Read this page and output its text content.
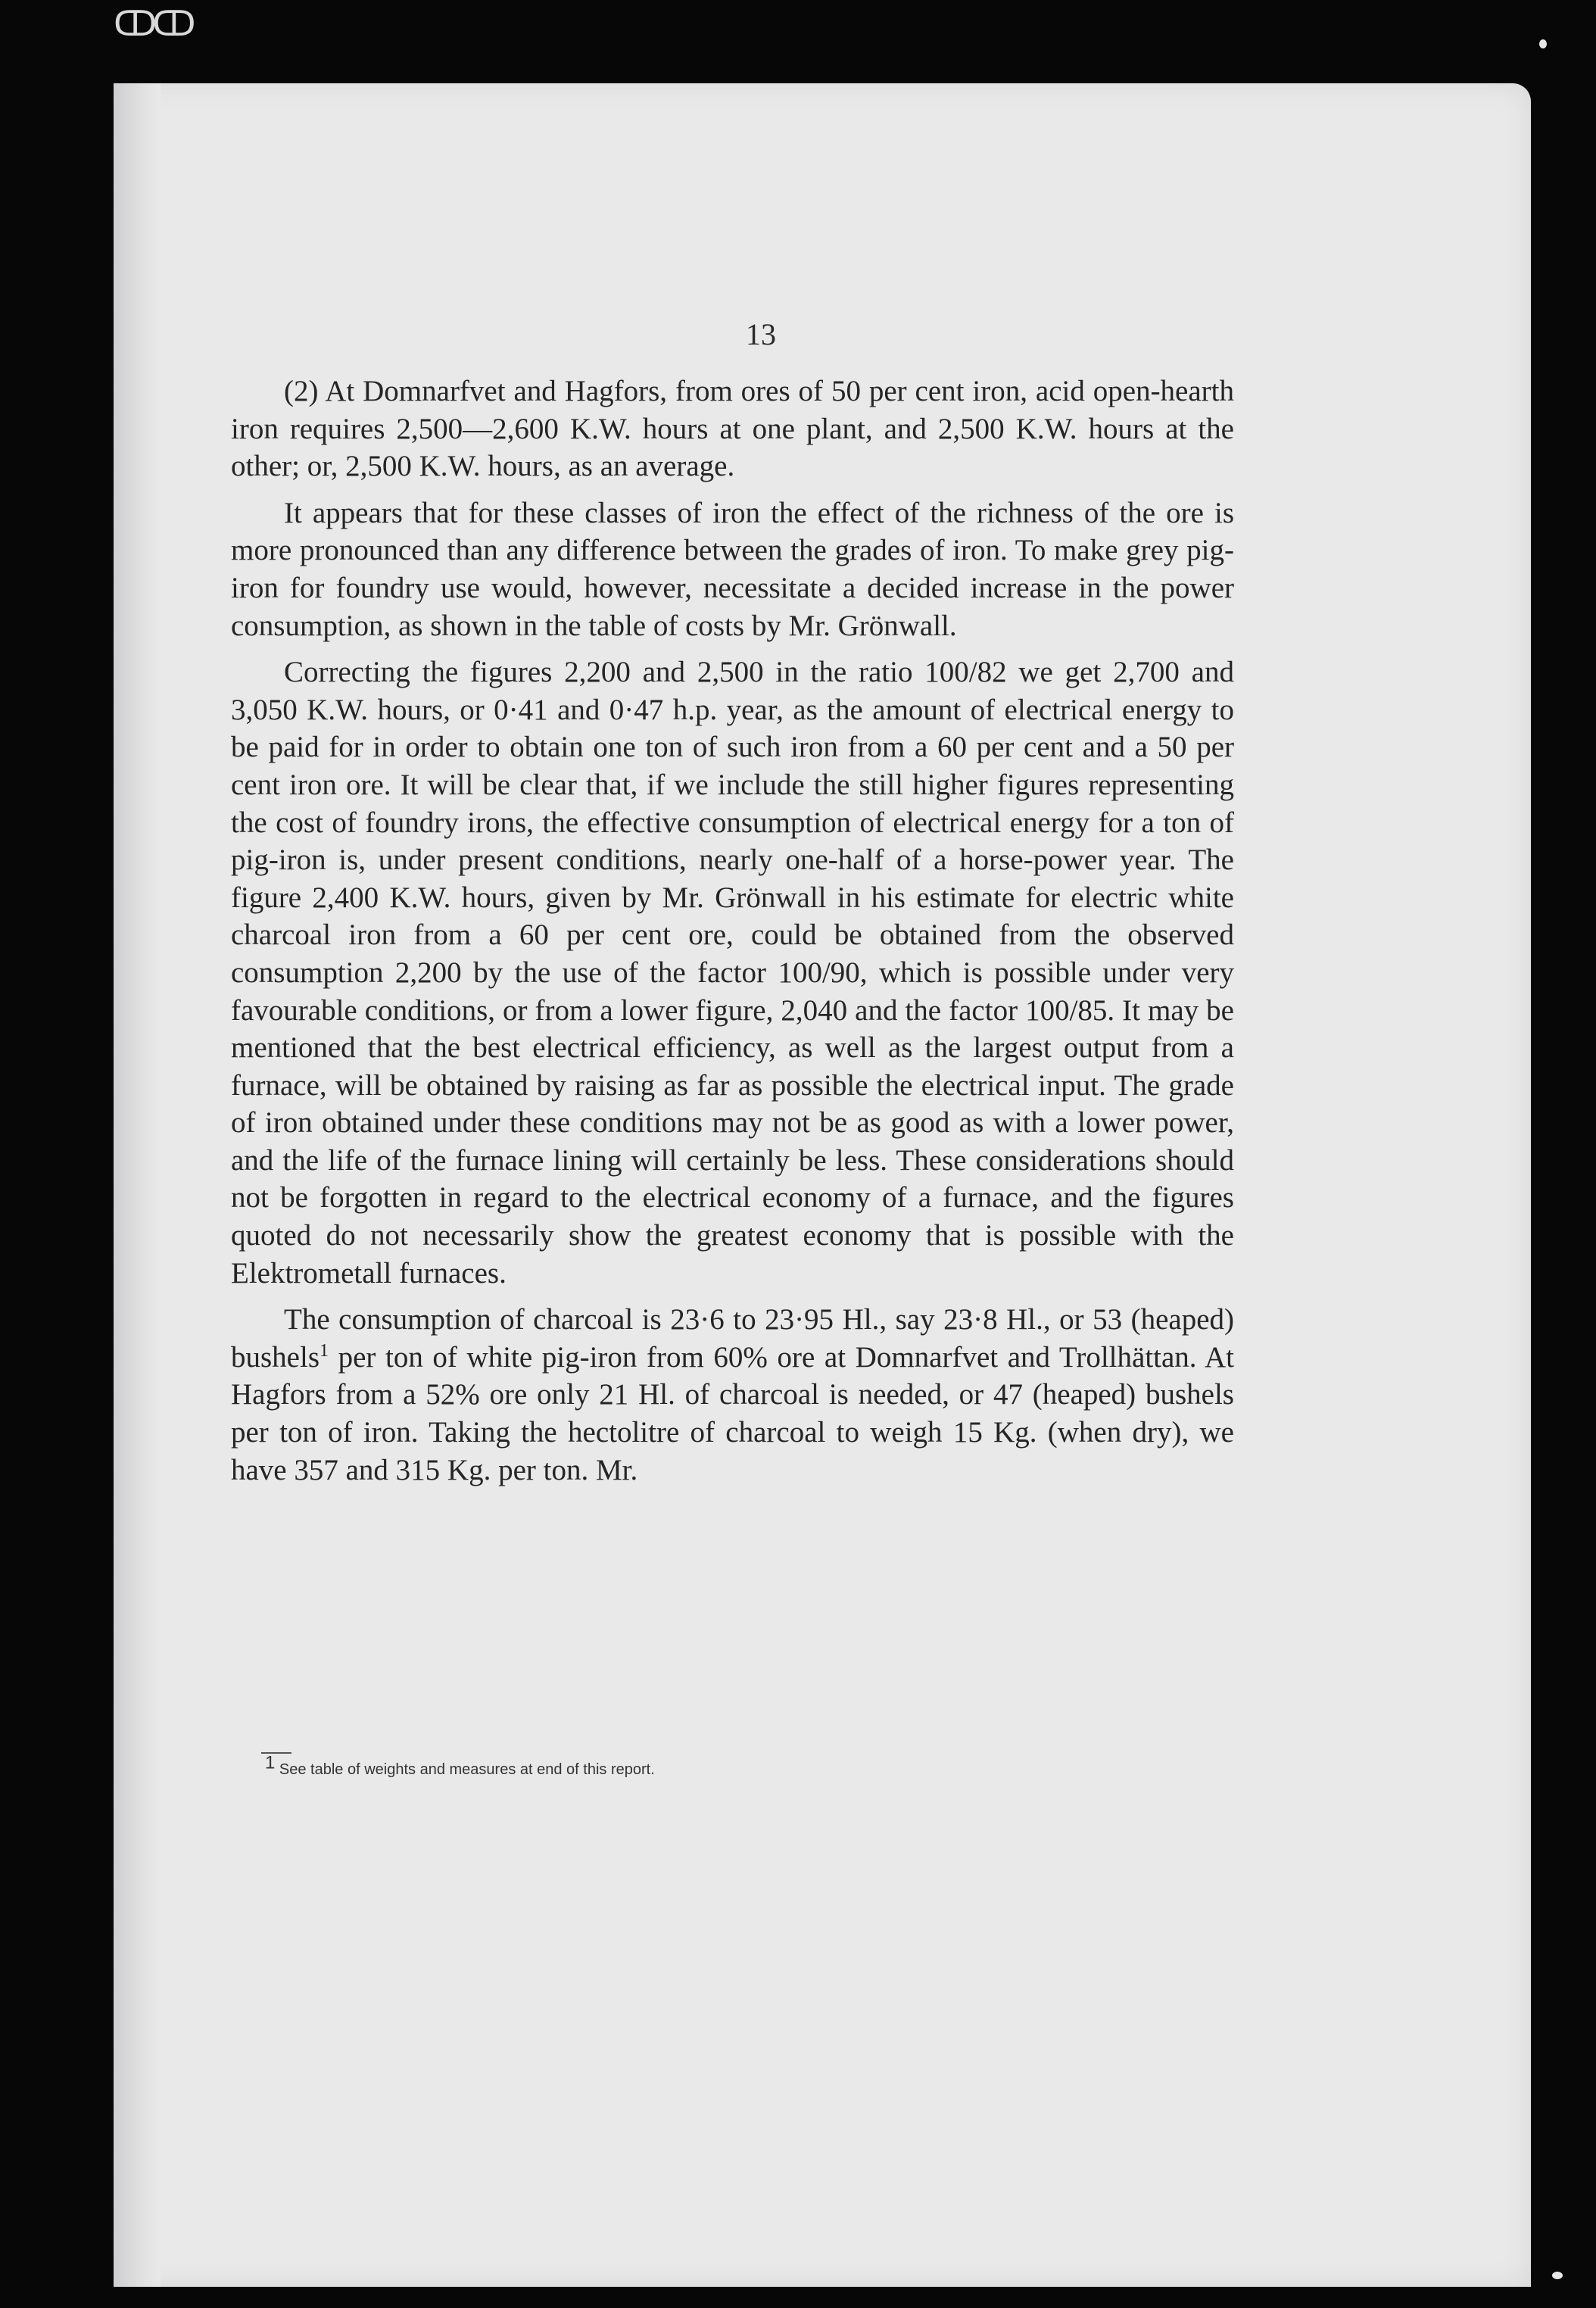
ↀↀ
13

(2) At Domnarfvet and Hagfors, from ores of 50 per cent iron, acid open-hearth iron requires 2,500—2,600 K.W. hours at one plant, and 2,500 K.W. hours at the other; or, 2,500 K.W. hours, as an average.

It appears that for these classes of iron the effect of the richness of the ore is more pronounced than any difference between the grades of iron. To make grey pig-iron for foundry use would, however, necessitate a decided increase in the power consumption, as shown in the table of costs by Mr. Grönwall.

Correcting the figures 2,200 and 2,500 in the ratio 100/82 we get 2,700 and 3,050 K.W. hours, or 0·41 and 0·47 h.p. year, as the amount of electrical energy to be paid for in order to obtain one ton of such iron from a 60 per cent and a 50 per cent iron ore. It will be clear that, if we include the still higher figures representing the cost of foundry irons, the effective consumption of electrical energy for a ton of pig-iron is, under present conditions, nearly one-half of a horse-power year. The figure 2,400 K.W. hours, given by Mr. Grönwall in his estimate for electric white charcoal iron from a 60 per cent ore, could be obtained from the observed consumption 2,200 by the use of the factor 100/90, which is possible under very favourable conditions, or from a lower figure, 2,040 and the factor 100/85. It may be mentioned that the best electrical efficiency, as well as the largest output from a furnace, will be obtained by raising as far as possible the electrical input. The grade of iron obtained under these conditions may not be as good as with a lower power, and the life of the furnace lining will certainly be less. These considerations should not be forgotten in regard to the electrical economy of a furnace, and the figures quoted do not necessarily show the greatest economy that is possible with the Elektrometall furnaces.

The consumption of charcoal is 23·6 to 23·95 Hl., say 23·8 Hl., or 53 (heaped) bushels$^1$ per ton of white pig-iron from 60% ore at Domnarfvet and Trollhättan. At Hagfors from a 52% ore only 21 Hl. of charcoal is needed, or 47 (heaped) bushels per ton of iron. Taking the hectolitre of charcoal to weigh 15 Kg. (when dry), we have 357 and 315 Kg. per ton. Mr.

$^1$ See table of weights and measures at end of this report.
